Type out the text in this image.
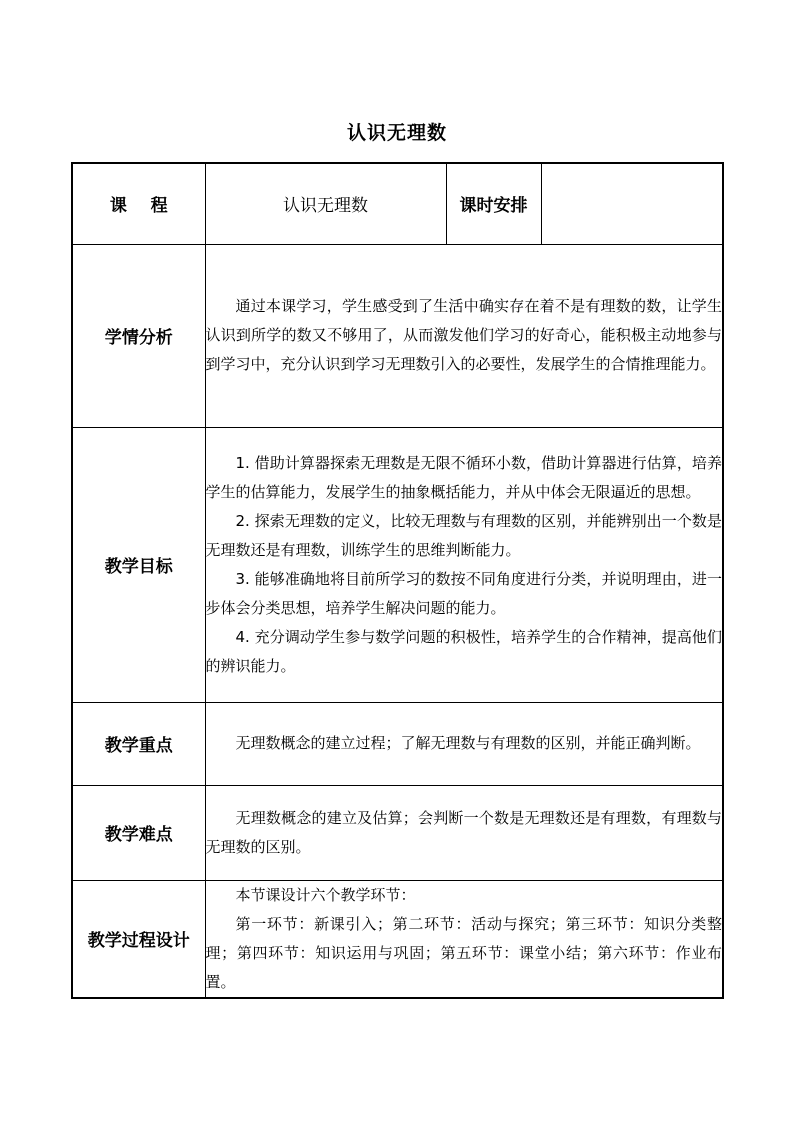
认识无理数
课    程	认识无理数	课时安排	
学情分析	通过本课学习，学生感受到了生活中确实存在着不是有理数的数，让学生认识到所学的数又不够用了，从而激发他们学习的好奇心，能积极主动地参与到学习中，充分认识到学习无理数引入的必要性，发展学生的合情推理能力。		

教学目标	1. 借助计算器探索无理数是无限不循环小数，借助计算器进行估算，培养学生的估算能力，发展学生的抽象概括能力，并从中体会无限逼近的思想。

2. 探索无理数的定义，比较无理数与有理数的区别，并能辨别出一个数是无理数还是有理数，训练学生的思维判断能力。

3. 能够准确地将目前所学习的数按不同角度进行分类，并说明理由，进一步体会分类思想，培养学生解决问题的能力。

4. 充分调动学生参与数学问题的积极性，培养学生的合作精神，提高他们的辨识能力。		

教学重点	无理数概念的建立过程；了解无理数与有理数的区别，并能正确判断。		

教学难点	无理数概念的建立及估算；会判断一个数是无理数还是有理数，有理数与无理数的区别。		

教学过程设计	本节课设计六个教学环节：

第一环节：新课引入；第二环节：活动与探究；第三环节：知识分类整理；第四环节：知识运用与巩固；第五环节：课堂小结；第六环节：作业布置。		
